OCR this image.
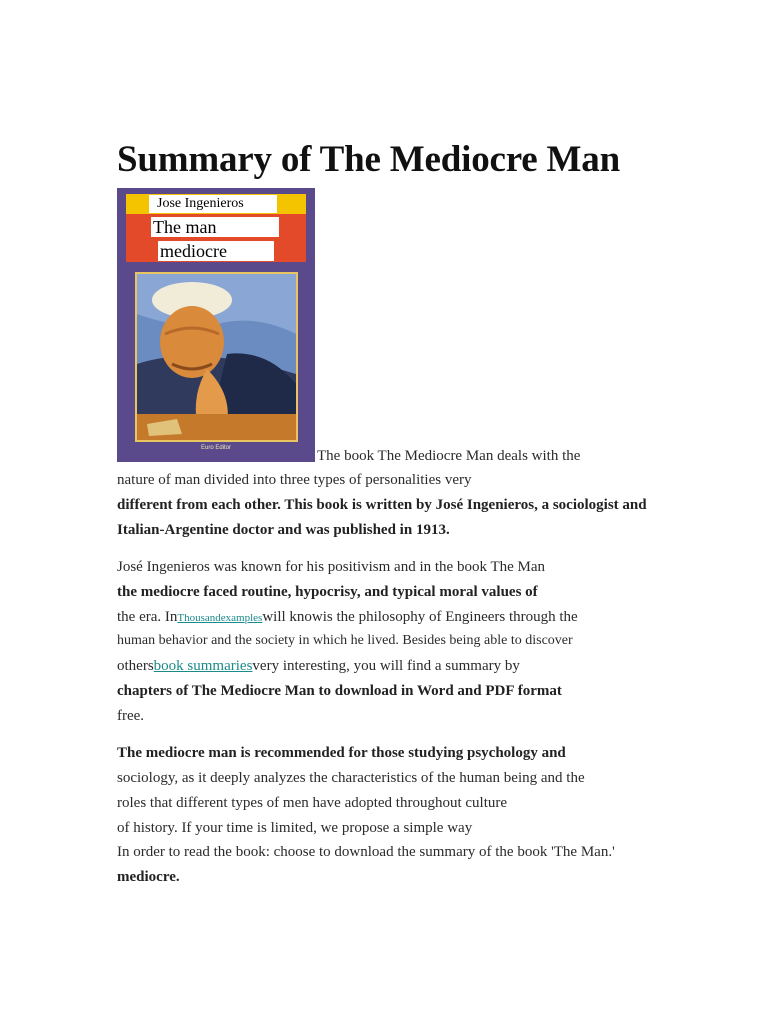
Summary of The Mediocre Man
Jose Ingenieros
The man
mediocre
Euro Editor	The book The Mediocre Man deals with the
nature of man divided into three types of personalities very
different from each other. This book is written by José Ingenieros, a sociologist and
Italian-Argentine doctor and was published in 1913.
José Ingenieros was known for his positivism and in the book The Man
the mediocre faced routine, hypocrisy, and typical moral values of
the era. InThousandexampleswill knowis the philosophy of Engineers through the
human behavior and the society in which he lived. Besides being able to discover
othersbook summariesvery interesting, you will find a summary by
chapters of The Mediocre Man to download in Word and PDF format
free.
The mediocre man is recommended for those studying psychology and
sociology, as it deeply analyzes the characteristics of the human being and the
roles that different types of men have adopted throughout culture
of history. If your time is limited, we propose a simple way
In order to read the book: choose to download the summary of the book 'The Man.'
mediocre.
